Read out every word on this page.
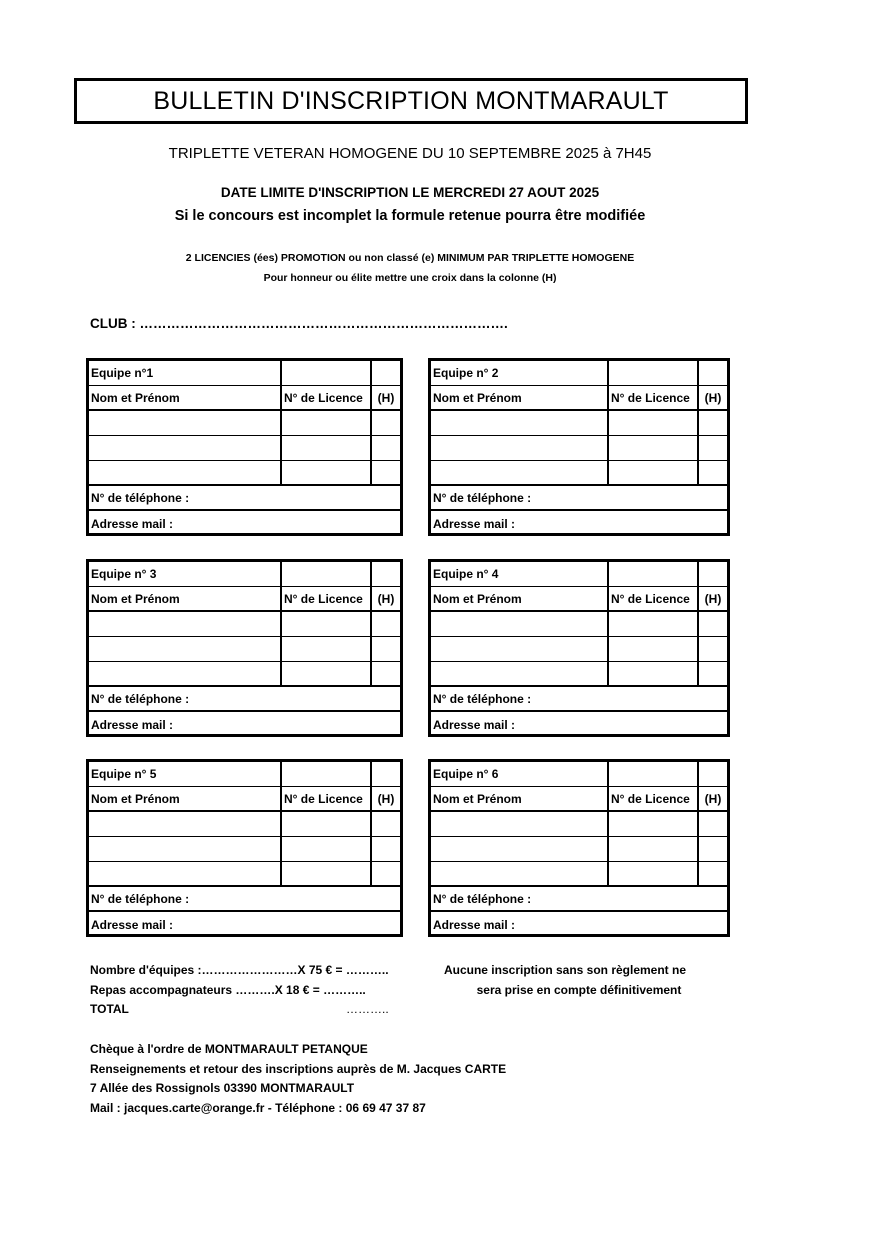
BULLETIN D'INSCRIPTION MONTMARAULT
TRIPLETTE VETERAN HOMOGENE DU 10 SEPTEMBRE 2025 à 7H45
DATE LIMITE D'INSCRIPTION LE MERCREDI 27 AOUT 2025
Si le concours est incomplet la formule retenue pourra être modifiée
2 LICENCIES (ées) PROMOTION ou non classé (e) MINIMUM PAR TRIPLETTE HOMOGENE
Pour honneur ou élite mettre une croix dans la colonne (H)
CLUB : ……………………………………………………………………….
Equipe n°1
Nom et Prénom	N° de Licence	(H)
N° de téléphone :
Adresse mail :
Equipe n° 2
Nom et Prénom	N° de Licence	(H)
N° de téléphone :
Adresse mail :
Equipe n° 3
Nom et Prénom	N° de Licence	(H)
N° de téléphone :
Adresse mail :
Equipe n° 4
Nom et Prénom	N° de Licence	(H)
N° de téléphone :
Adresse mail :
Equipe n° 5
Nom et Prénom	N° de Licence	(H)
N° de téléphone :
Adresse mail :
Equipe n° 6
Nom et Prénom	N° de Licence	(H)
N° de téléphone :
Adresse mail :
Nombre d'équipes :……………………X 75 € = ………..
Repas accompagnateurs ……….X 18 € = ………..
TOTAL	………..
Aucune inscription sans son règlement ne
sera prise en compte définitivement
Chèque à l'ordre de MONTMARAULT PETANQUE
Renseignements et retour des inscriptions auprès de M. Jacques CARTE
7 Allée des Rossignols 03390 MONTMARAULT
Mail : jacques.carte@orange.fr - Téléphone : 06 69 47 37 87
